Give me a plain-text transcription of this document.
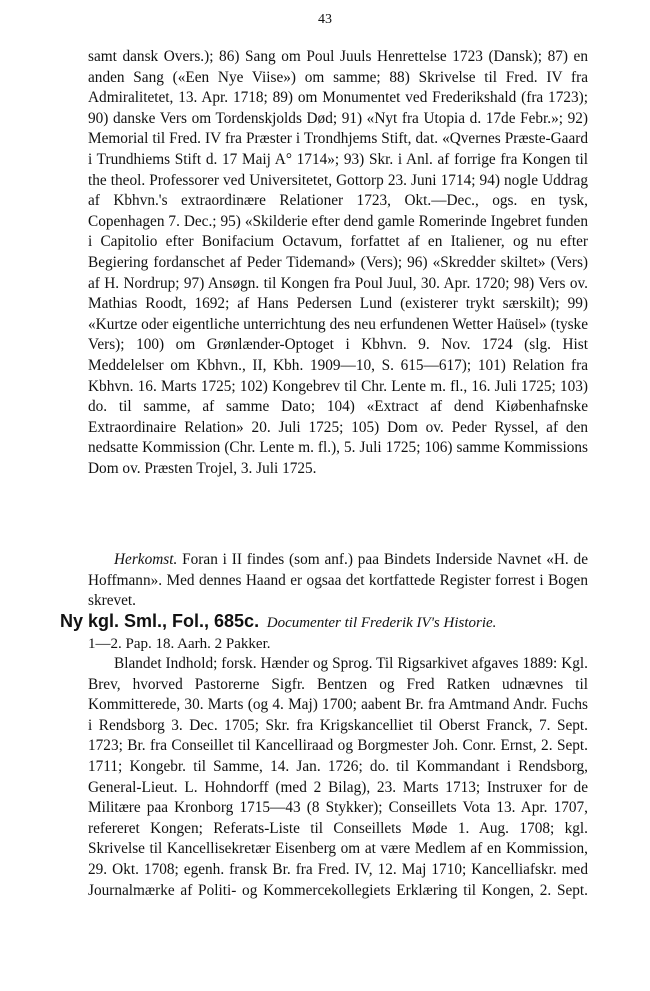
43

samt dansk Overs.); 86) Sang om Poul Juuls Henrettelse 1723 (Dansk); 87) en anden Sang («Een Nye Viise») om samme; 88) Skrivelse til Fred. IV fra Admiralitetet, 13. Apr. 1718; 89) om Monumentet ved Frederikshald (fra 1723); 90) danske Vers om Tordenskjolds Død; 91) «Nyt fra Utopia d. 17de Febr.»; 92) Memorial til Fred. IV fra Præster i Trondhjems Stift, dat. «Qvernes Præste-Gaard i Trundhiems Stift d. 17 Maij A° 1714»; 93) Skr. i Anl. af forrige fra Kongen til the theol. Professorer ved Universitetet, Gottorp 23. Juni 1714; 94) nogle Uddrag af Kbhvn.'s extraordinære Relationer 1723, Okt.—Dec., ogs. en tysk, Copenhagen 7. Dec.; 95) «Skilderie efter dend gamle Romerinde Ingebret funden i Capitolio efter Bonifacium Octavum, forfattet af en Italiener, og nu efter Begiering fordanschet af Peder Tidemand» (Vers); 96) «Skredder skiltet» (Vers) af H. Nordrup; 97) Ansøgn. til Kongen fra Poul Juul, 30. Apr. 1720; 98) Vers ov. Mathias Roodt, 1692; af Hans Pedersen Lund (existerer trykt særskilt); 99) «Kurtze oder eigentliche unterrichtung des neu erfundenen Wetter Haüsel» (tyske Vers); 100) om Grønlænder-Optoget i Kbhvn. 9. Nov. 1724 (slg. Hist Meddelelser om Kbhvn., II, Kbh. 1909—10, S. 615—617); 101) Relation fra Kbhvn. 16. Marts 1725; 102) Kongebrev til Chr. Lente m. fl., 16. Juli 1725; 103) do. til samme, af samme Dato; 104) «Extract af dend Kiøbenhafnske Extraordinaire Relation» 20. Juli 1725; 105) Dom ov. Peder Ryssel, af den nedsatte Kommission (Chr. Lente m. fl.), 5. Juli 1725; 106) samme Kommissions Dom ov. Præsten Trojel, 3. Juli 1725.

Herkomst. Foran i II findes (som anf.) paa Bindets Inderside Navnet «H. de Hoffmann». Med dennes Haand er ogsaa det kortfattede Register forrest i Bogen skrevet.

Ny kgl. Sml., Fol., 685c. Documenter til Frederik IV's Historie.
1—2. Pap. 18. Aarh. 2 Pakker.

Blandet Indhold; forsk. Hænder og Sprog. Til Rigsarkivet afgaves 1889: Kgl. Brev, hvorved Pastorerne Sigfr. Bentzen og Fred Ratken udnævnes til Kommitterede, 30. Marts (og 4. Maj) 1700; aabent Br. fra Amtmand Andr. Fuchs i Rendsborg 3. Dec. 1705; Skr. fra Krigskancelliet til Oberst Franck, 7. Sept. 1723; Br. fra Conseillet til Kancelliraad og Borgmester Joh. Conr. Ernst, 2. Sept. 1711; Kongebr. til Samme, 14. Jan. 1726; do. til Kommandant i Rendsborg, General-Lieut. L. Hohndorff (med 2 Bilag), 23. Marts 1713; Instruxer for de Militære paa Kronborg 1715—43 (8 Stykker); Conseillets Vota 13. Apr. 1707, refereret Kongen; Referats-Liste til Conseillets Møde 1. Aug. 1708; kgl. Skrivelse til Kancellisekretær Eisenberg om at være Medlem af en Kommission, 29. Okt. 1708; egenh. fransk Br. fra Fred. IV, 12. Maj 1710; Kancelliafskr. med Journalmærke af Politi- og Kommercekollegiets Erklæring til Kongen, 2. Sept.
